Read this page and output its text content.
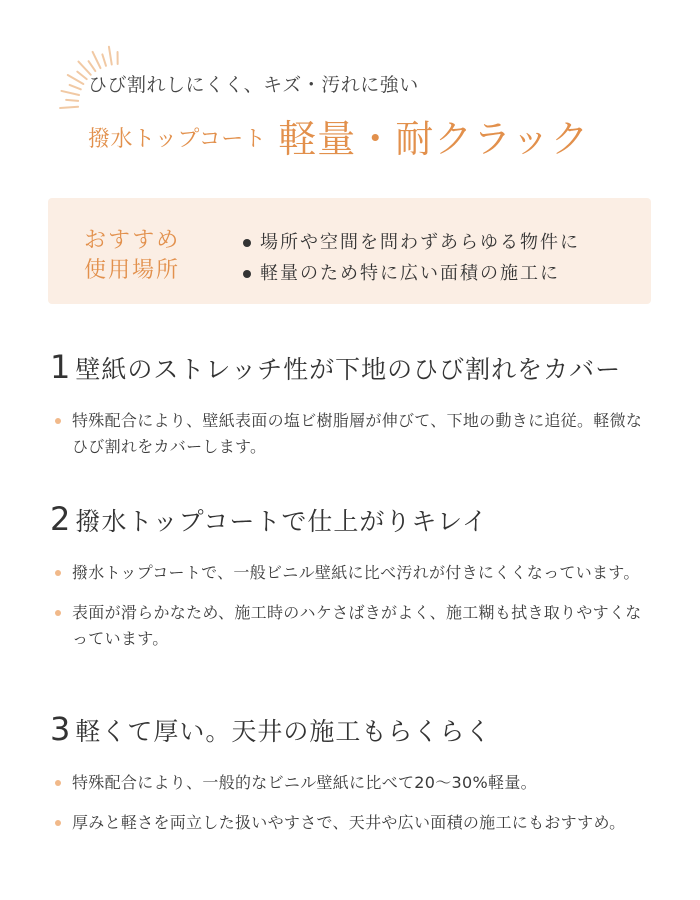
ひび割れしにくく、キズ・汚れに強い
撥水トップコート 軽量・耐クラック
おすすめ
使用場所
場所や空間を問わずあらゆる物件に
軽量のため特に広い面積の施工に
1 壁紙のストレッチ性が下地のひび割れをカバー
特殊配合により、壁紙表面の塩ビ樹脂層が伸びて、下地の動きに追従。軽微なひび割れをカバーします。
2 撥水トップコートで仕上がりキレイ
撥水トップコートで、一般ビニル壁紙に比べ汚れが付きにくくなっています。
表面が滑らかなため、施工時のハケさばきがよく、施工糊も拭き取りやすくなっています。
3 軽くて厚い。天井の施工もらくらく
特殊配合により、一般的なビニル壁紙に比べて20〜30%軽量。
厚みと軽さを両立した扱いやすさで、天井や広い面積の施工にもおすすめ。
